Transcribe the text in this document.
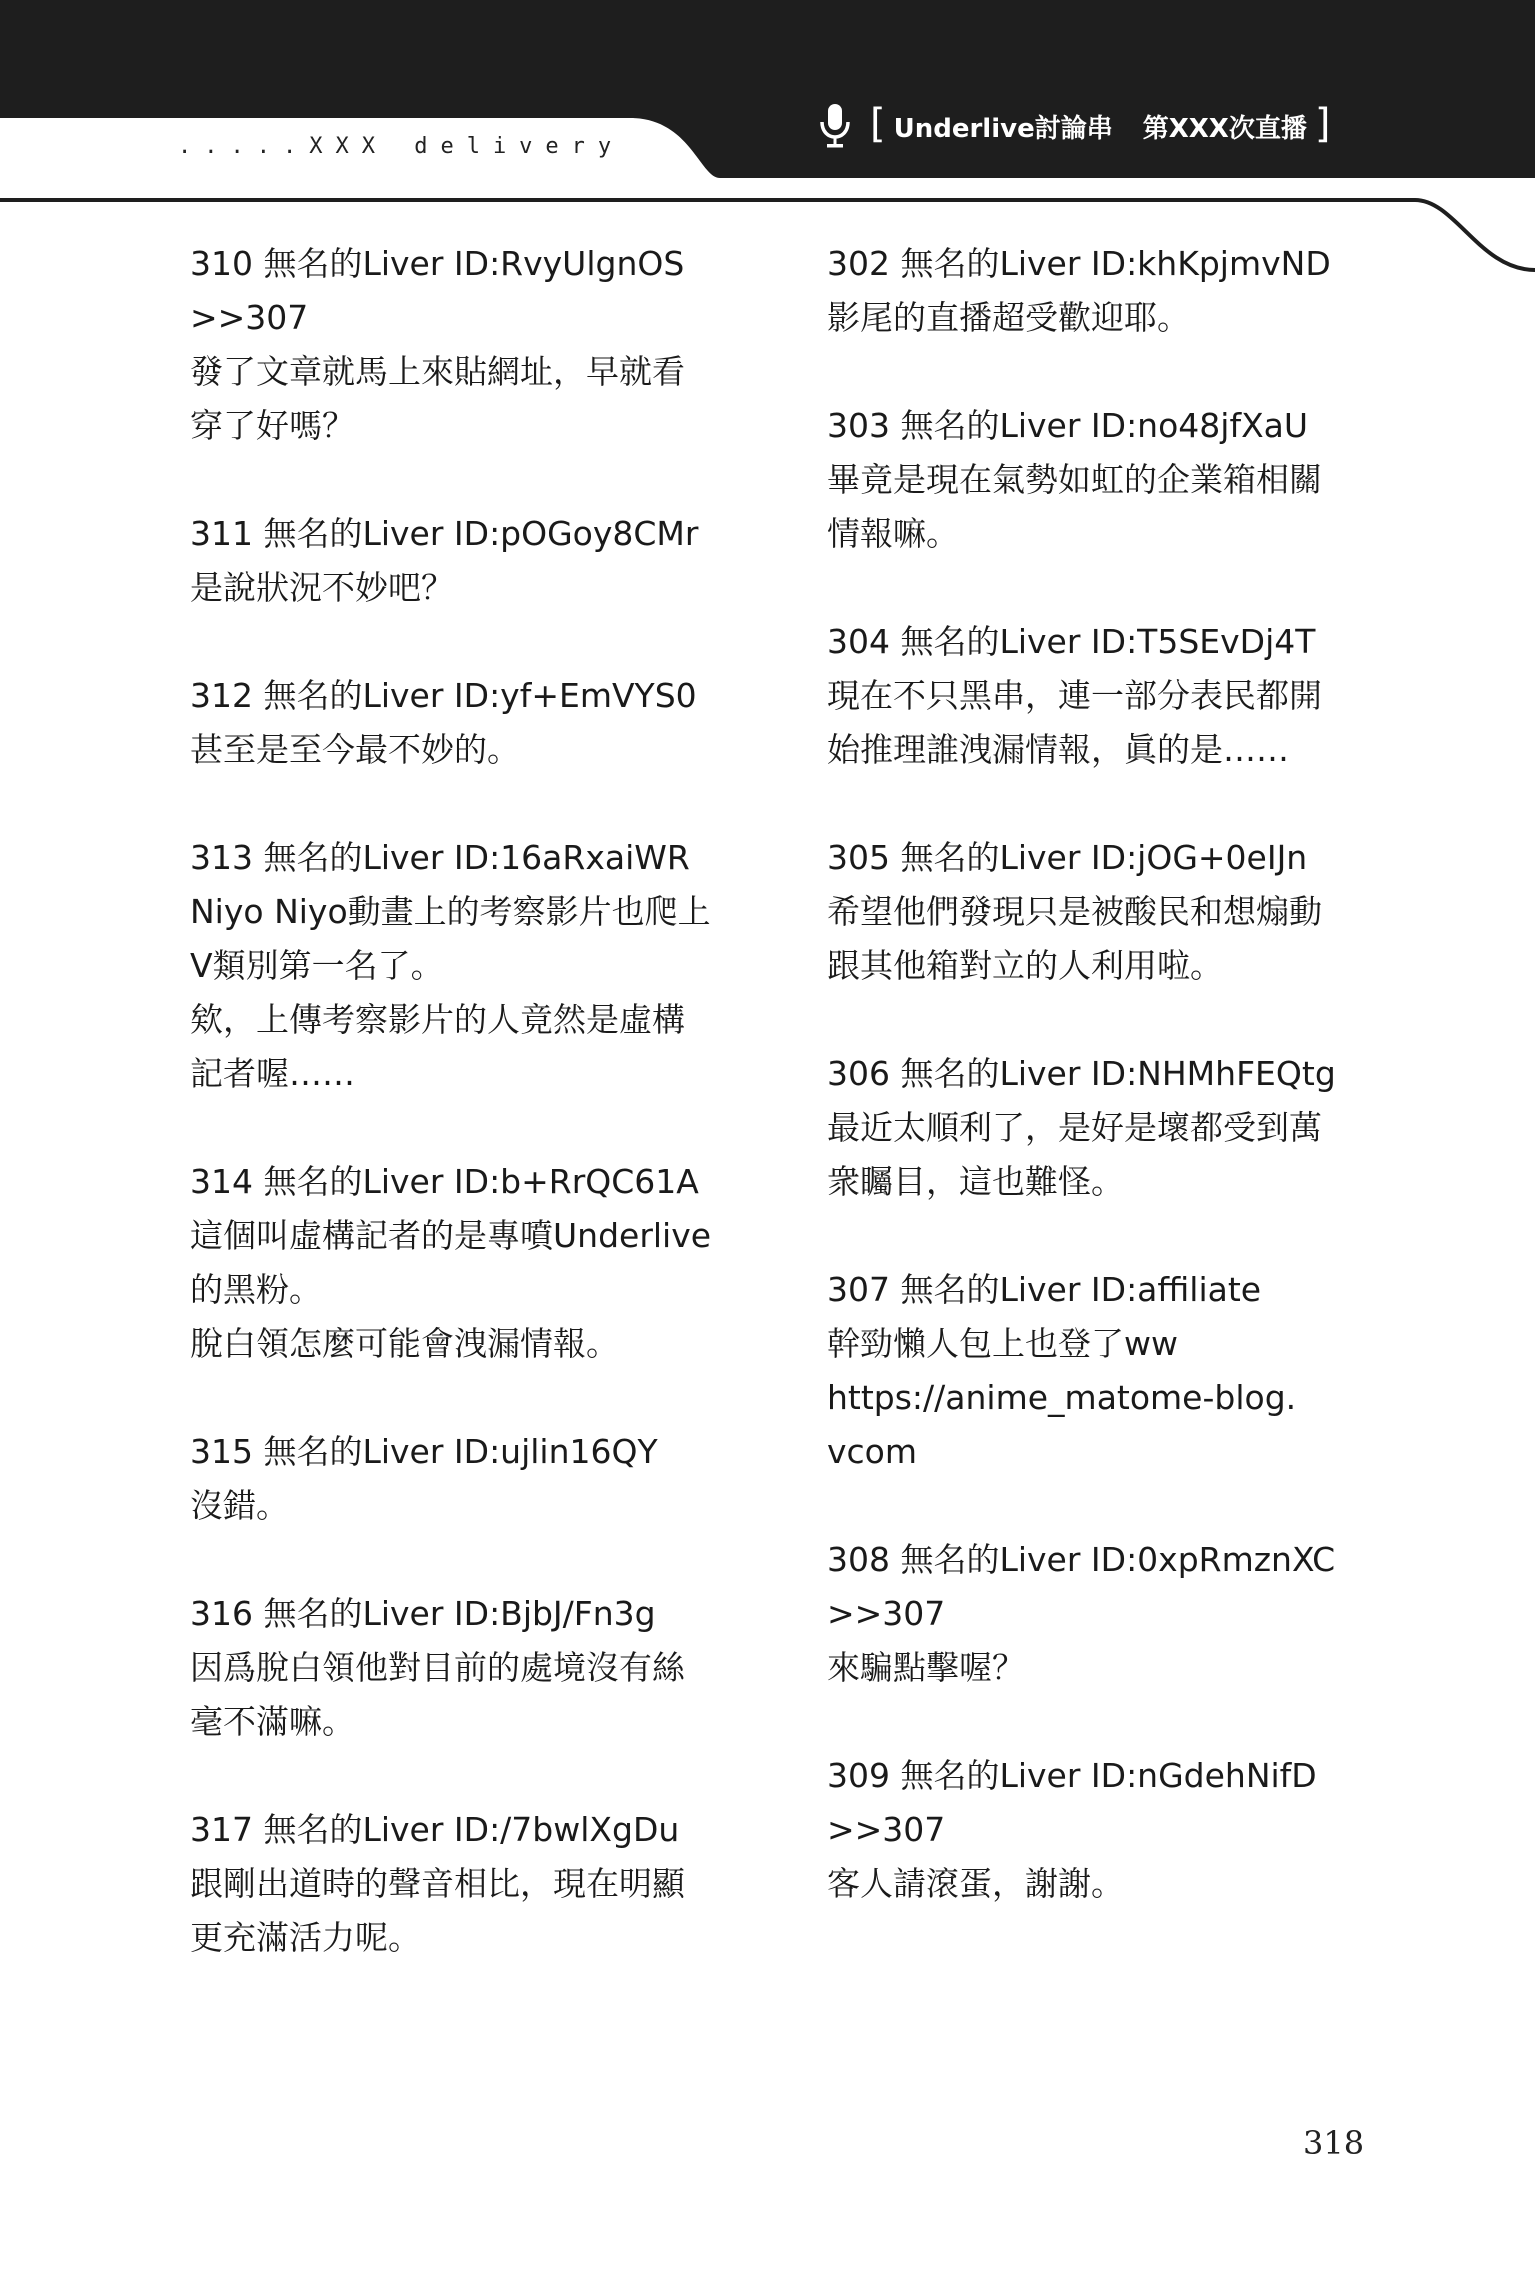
.....XXX delivery	[ Underlive討論串 第XXX次直播 ]
310 無名的Liver ID:RvyUlgnOS
>>307
發了文章就馬上來貼網址，早就看
穿了好嗎？
311 無名的Liver ID:pOGoy8CMr
是說狀況不妙吧？
312 無名的Liver ID:yf+EmVYS0
甚至是至今最不妙的。
313 無名的Liver ID:16aRxaiWR
Niyo Niyo動畫上的考察影片也爬上
V類別第一名了。
欸，上傳考察影片的人竟然是虛構
記者喔……
314 無名的Liver ID:b+RrQC61A
這個叫虛構記者的是專噴Underlive
的黑粉。
脫白領怎麼可能會洩漏情報。
315 無名的Liver ID:ujlin16QY
沒錯。
316 無名的Liver ID:BjbJ/Fn3g
因爲脫白領他對目前的處境沒有絲
毫不滿嘛。
317 無名的Liver ID:/7bwlXgDu
跟剛出道時的聲音相比，現在明顯
更充滿活力呢。
302 無名的Liver ID:khKpjmvND
影尾的直播超受歡迎耶。
303 無名的Liver ID:no48jfXaU
畢竟是現在氣勢如虹的企業箱相關
情報嘛。
304 無名的Liver ID:T5SEvDj4T
現在不只黑串，連一部分表民都開
始推理誰洩漏情報，眞的是……
305 無名的Liver ID:jOG+0eIJn
希望他們發現只是被酸民和想煽動
跟其他箱對立的人利用啦。
306 無名的Liver ID:NHMhFEQtg
最近太順利了，是好是壞都受到萬
衆矚目，這也難怪。
307 無名的Liver ID:affiliate
幹勁懶人包上也登了ww
https://anime_matome-blog.
vcom
308 無名的Liver ID:0xpRmznXC
>>307
來騙點擊喔？
309 無名的Liver ID:nGdehNifD
>>307
客人請滾蛋，謝謝。
318
